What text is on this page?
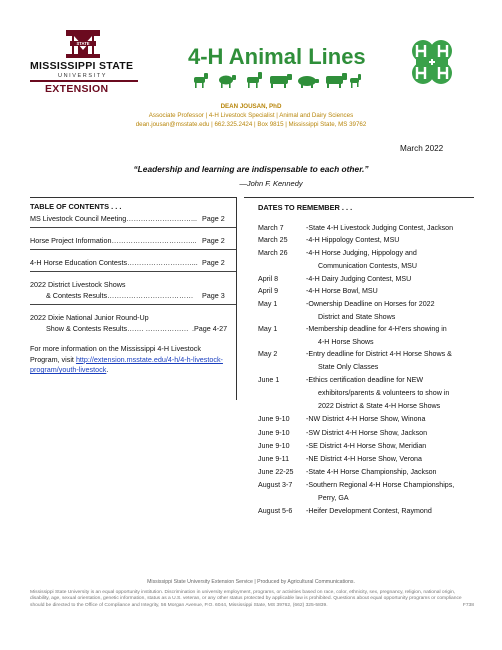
STATE
MISSISSIPPI STATE
UNIVERSITY
EXTENSION
4-H Animal Lines
DEAN JOUSAN, PhD
Associate Professor | 4-H Livestock Specialist | Animal and Dairy Sciences
dean.jousan@msstate.edu | 662.325.2424 | Box 9815 | Mississippi State, MS 39762
March 2022
“Leadership and learning are indispensable to each other.”
—John F. Kennedy
TABLE OF CONTENTS . . .
MS Livestock Council Meeting………………………... Page 2
Horse Project Information……………………………... Page 2
4-H Horse Education Contests………………………... Page 2
2022 District Livestock Shows
& Contests Results……………………………… Page 3
2022 Dixie National Junior Round-Up
Show & Contests Results……. ……………… .Page 4-27
For more information on the Mississippi 4-H Livestock Program, visit http://extension.msstate.edu/4-h/4-h-livestock-program/youth-livestock.
DATES TO REMEMBER . . .
March 7	-State 4-H Livestock Judging Contest, Jackson
March 25	-4-H Hippology Contest, MSU
March 26	-4-H Horse Judging, Hippology and
Communication Contests, MSU
April 8	-4-H Dairy Judging Contest, MSU
April 9	-4-H Horse Bowl, MSU
May 1	-Ownership Deadline on Horses for 2022
District and State Shows
May 1	-Membership deadline for 4-H’ers showing in
4-H Horse Shows
May 2	-Entry deadline for District 4-H Horse Shows &
State Only Classes
June 1	-Ethics certification deadline for NEW
exhibitors/parents & volunteers to show in
2022 District & State 4-H Horse Shows
June 9-10 -NW District 4-H Horse Show, Winona
June 9-10 -SW District 4-H Horse Show, Jackson
June 9-10 -SE District 4-H Horse Show, Meridian
June 9-11 -NE District 4-H Horse Show, Verona
June 22-25 -State 4-H Horse Championship, Jackson
August 3-7 -Southern Regional 4-H Horse Championships,
Perry, GA
August 5-6 -Heifer Development Contest, Raymond
Mississippi State University Extension Service | Produced by Agricultural Communications.
Mississippi State University is an equal opportunity institution. Discrimination in university employment, programs, or activities based on race, color, ethnicity, sex, pregnancy, religion, national origin, disability, age, sexual orientation, genetic information, status as a U.S. veteran, or any other status protected by applicable law is prohibited. Questions about equal opportunity programs or compliance should be directed to the Office of Compliance and Integrity, 56 Morgan Avenue, P.O. 6044, Mississippi State, MS 39762, (662) 325-5839.	F738
